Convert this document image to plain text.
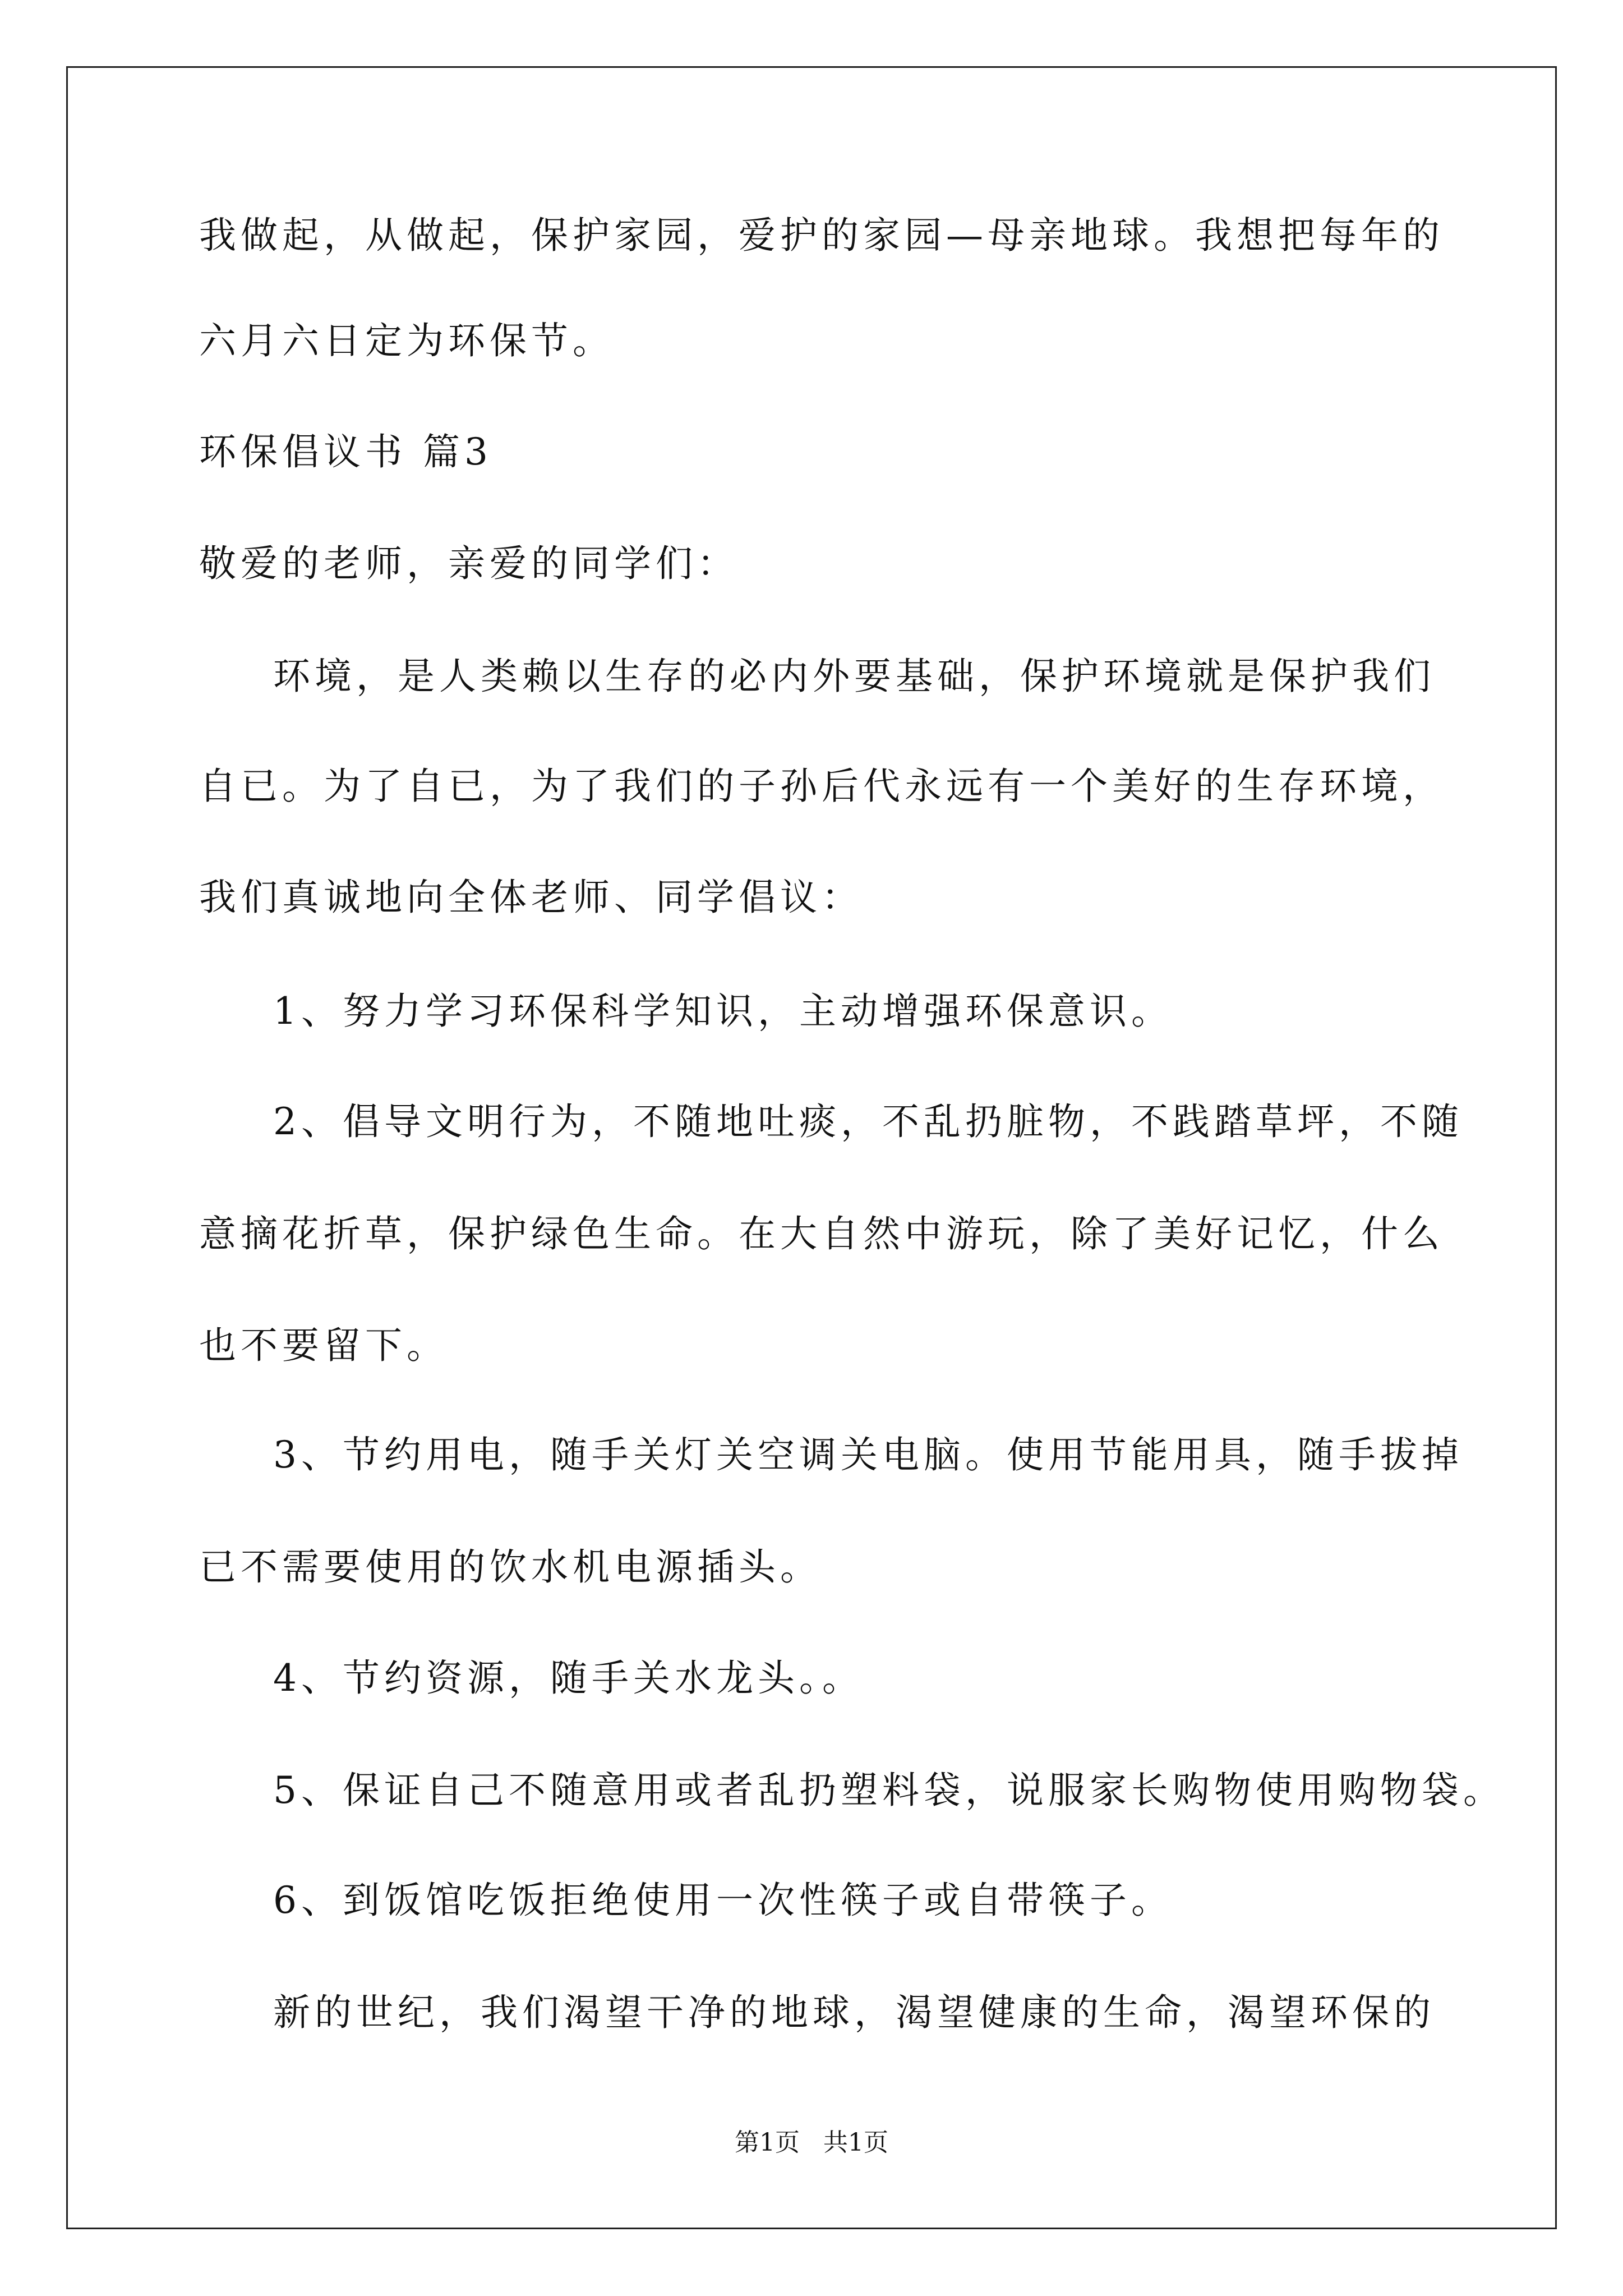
我做起，从做起，保护家园，爱护的家园—母亲地球。我想把每年的
六月六日定为环保节。
环保倡议书 篇3
敬爱的老师，亲爱的同学们：
环境，是人类赖以生存的必内外要基础，保护环境就是保护我们
自已。为了自已，为了我们的子孙后代永远有一个美好的生存环境，
我们真诚地向全体老师、同学倡议：
1、努力学习环保科学知识，主动增强环保意识。
2、倡导文明行为，不随地吐痰，不乱扔脏物，不践踏草坪，不随
意摘花折草，保护绿色生命。在大自然中游玩，除了美好记忆，什么
也不要留下。
3、节约用电，随手关灯关空调关电脑。使用节能用具，随手拔掉
已不需要使用的饮水机电源插头。
4、节约资源，随手关水龙头。。
5、保证自己不随意用或者乱扔塑料袋，说服家长购物使用购物袋。
6、到饭馆吃饭拒绝使用一次性筷子或自带筷子。
新的世纪，我们渴望干净的地球，渴望健康的生命，渴望环保的
第1页   共1页
